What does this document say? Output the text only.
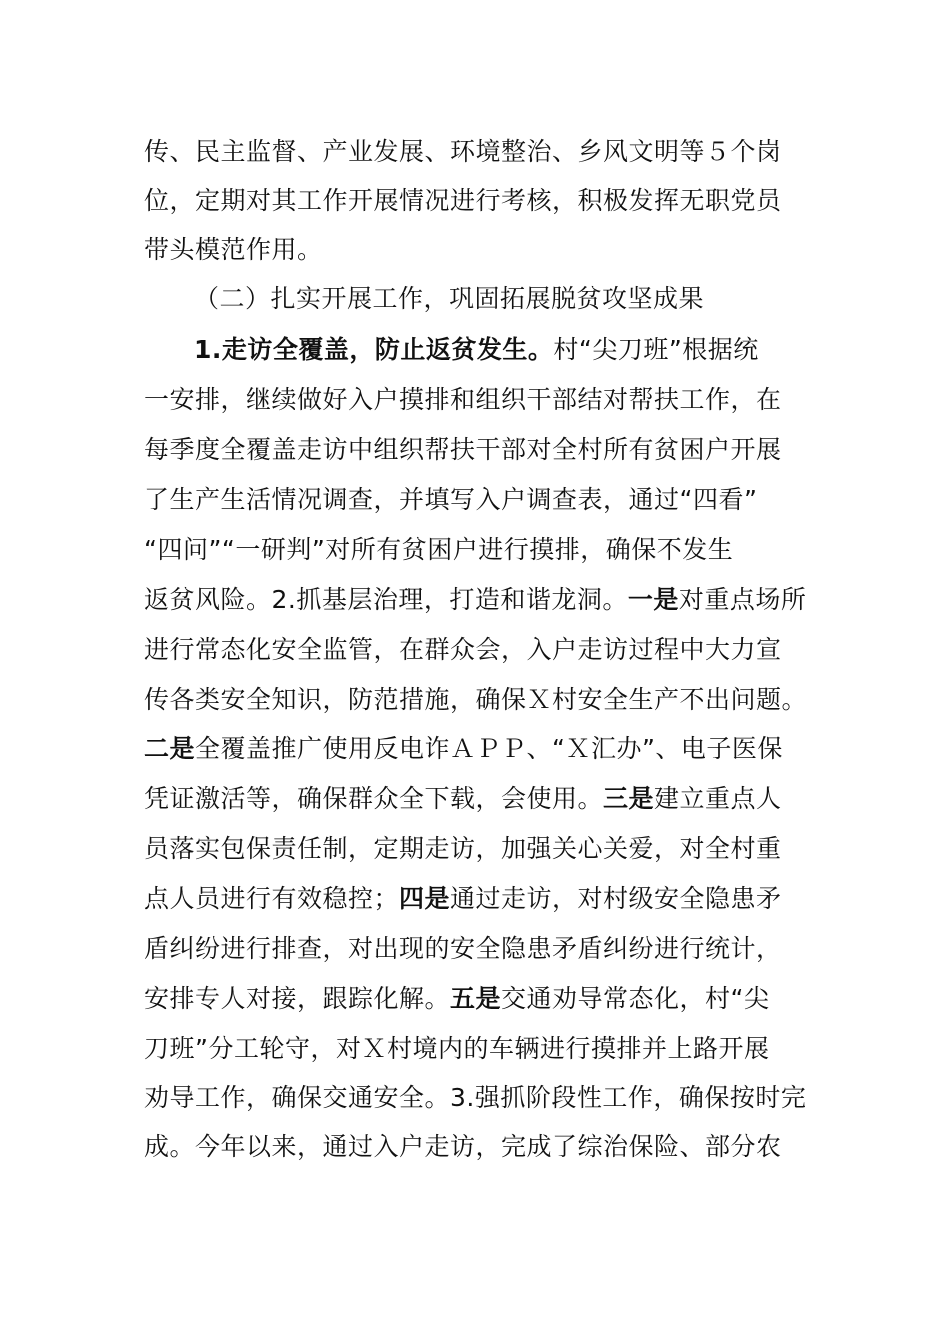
传、民主监督、产业发展、环境整治、乡风文明等５个岗
位，定期对其工作开展情况进行考核，积极发挥无职党员
带头模范作用。
（二）扎实开展工作，巩固拓展脱贫攻坚成果
1.走访全覆盖，防止返贫发生。村“尖刀班”根据统
一安排，继续做好入户摸排和组织干部结对帮扶工作，在
每季度全覆盖走访中组织帮扶干部对全村所有贫困户开展
了生产生活情况调查，并填写入户调查表，通过“四看”
“四问”“一研判”对所有贫困户进行摸排，确保不发生
返贫风险。2.抓基层治理，打造和谐龙洞。一是对重点场所
进行常态化安全监管，在群众会，入户走访过程中大力宣
传各类安全知识，防范措施，确保Ｘ村安全生产不出问题。
二是全覆盖推广使用反电诈ＡＰＰ、“Ｘ汇办”、电子医保
凭证激活等，确保群众全下载，会使用。三是建立重点人
员落实包保责任制，定期走访，加强关心关爱，对全村重
点人员进行有效稳控；四是通过走访，对村级安全隐患矛
盾纠纷进行排查，对出现的安全隐患矛盾纠纷进行统计，
安排专人对接，跟踪化解。五是交通劝导常态化，村“尖
刀班”分工轮守，对Ｘ村境内的车辆进行摸排并上路开展
劝导工作，确保交通安全。3.强抓阶段性工作，确保按时完
成。今年以来，通过入户走访，完成了综治保险、部分农
